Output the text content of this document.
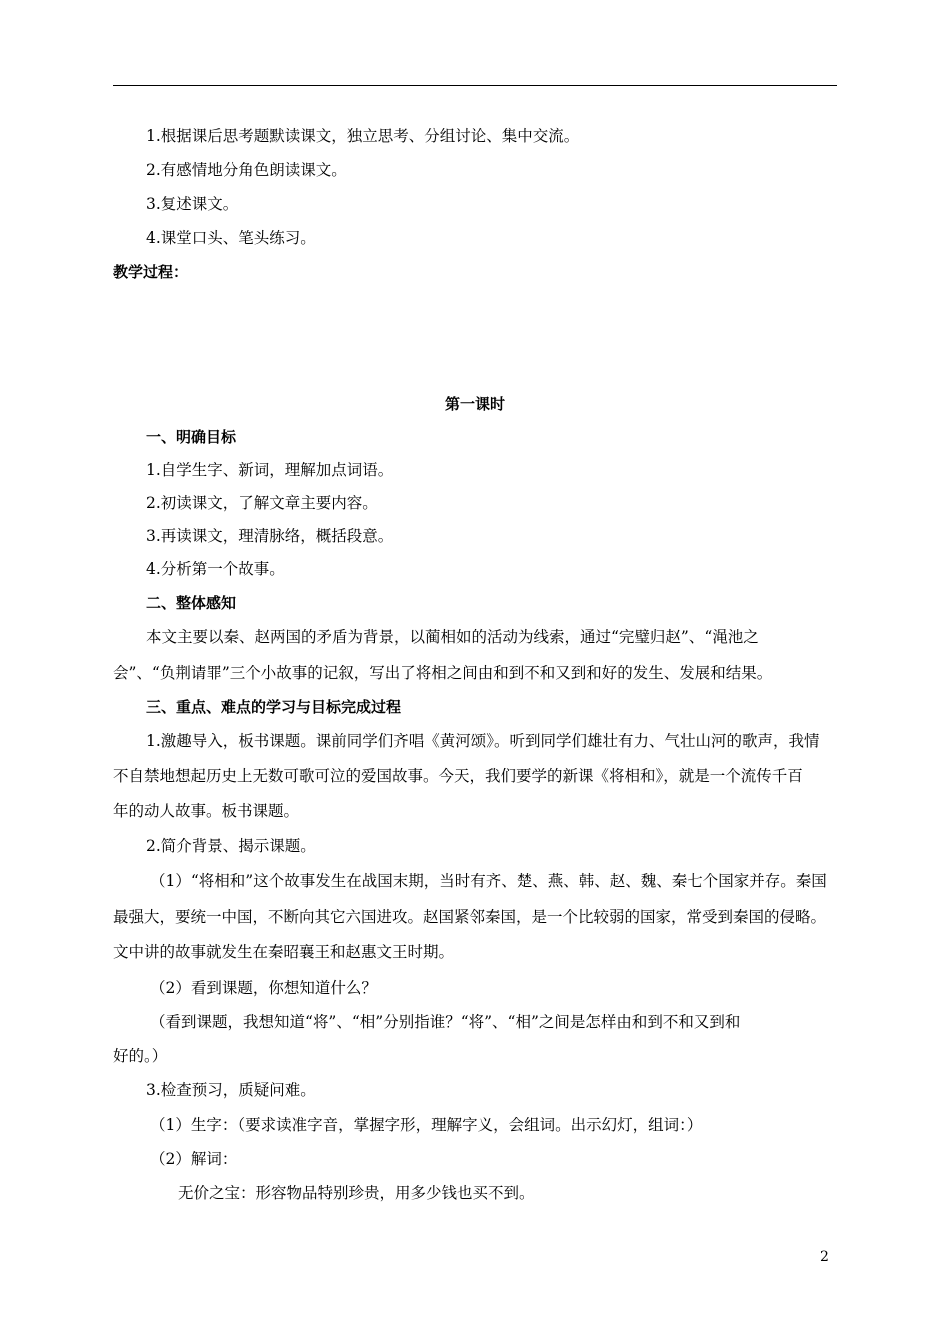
1.根据课后思考题默读课文，独立思考、分组讨论、集中交流。
2.有感情地分角色朗读课文。
3.复述课文。
4.课堂口头、笔头练习。
教学过程：
第一课时
一、明确目标
1.自学生字、新词，理解加点词语。
2.初读课文，了解文章主要内容。
3.再读课文，理清脉络，概括段意。
4.分析第一个故事。
二、整体感知
本文主要以秦、赵两国的矛盾为背景，以蔺相如的活动为线索，通过“完璧归赵”、“渑池之
会”、“负荆请罪”三个小故事的记叙，写出了将相之间由和到不和又到和好的发生、发展和结果。
三、重点、难点的学习与目标完成过程
1.激趣导入，板书课题。课前同学们齐唱《黄河颂》。听到同学们雄壮有力、气壮山河的歌声，我情
不自禁地想起历史上无数可歌可泣的爱国故事。今天，我们要学的新课《将相和》，就是一个流传千百
年的动人故事。板书课题。
2.简介背景、揭示课题。
（1）“将相和”这个故事发生在战国末期，当时有齐、楚、燕、韩、赵、魏、秦七个国家并存。秦国
最强大，要统一中国，不断向其它六国进攻。赵国紧邻秦国，是一个比较弱的国家，常受到秦国的侵略。
文中讲的故事就发生在秦昭襄王和赵惠文王时期。
（2）看到课题，你想知道什么？
（看到课题，我想知道“将”、“相”分别指谁？“将”、“相”之间是怎样由和到不和又到和
好的。）
3.检查预习，质疑问难。
（1）生字：（要求读准字音，掌握字形，理解字义，会组词。出示幻灯，组词：）
（2）解词：
无价之宝：形容物品特别珍贵，用多少钱也买不到。
2
